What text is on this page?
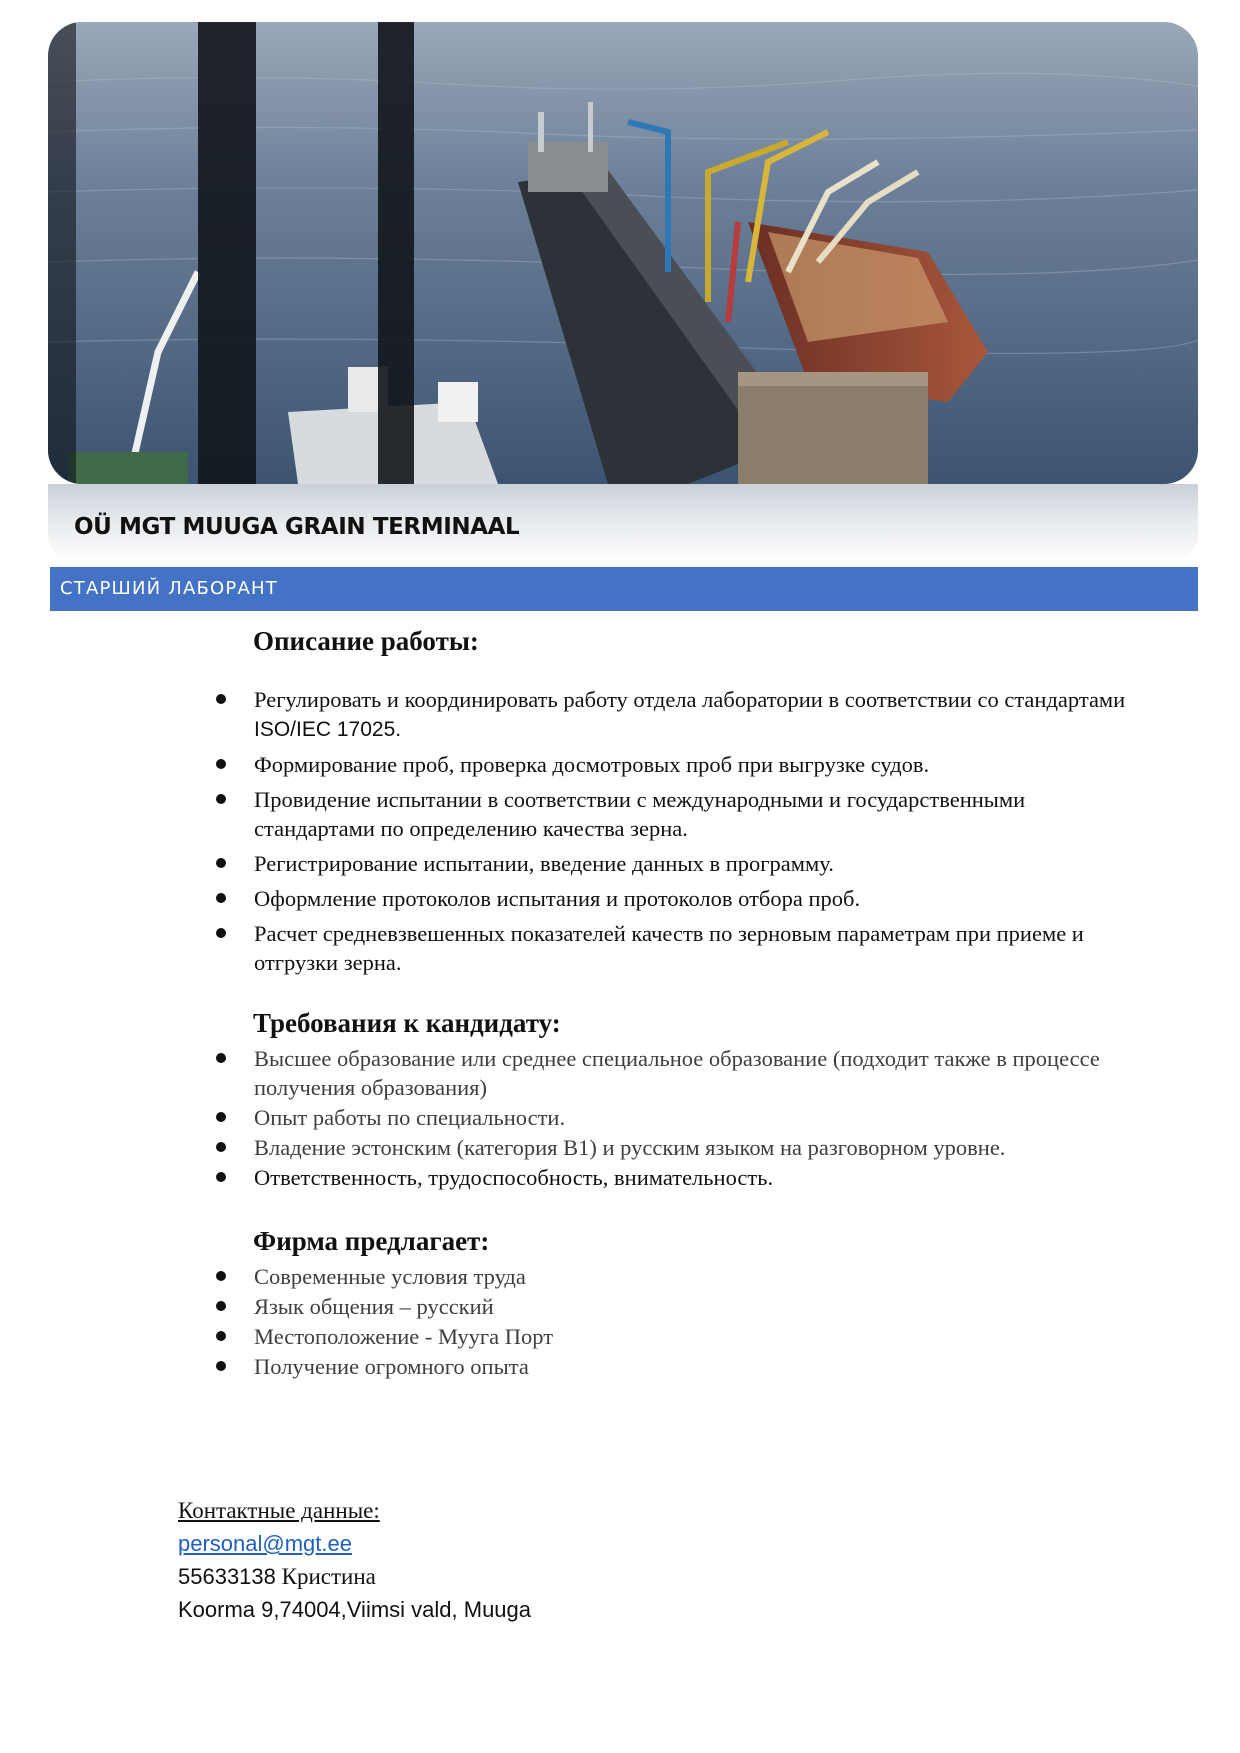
OÜ MGT MUUGA GRAIN TERMINAAL
СТАРШИЙ ЛАБОРАНТ
Описание работы:
Регулировать и координировать работу отдела лаборатории в соответствии со стандартами ISO/IEC 17025.
Формирование проб, проверка досмотровых проб при выгрузке судов.
Провидение испытании в соответствии с международными и государственными стандартами по определению качества зерна.
Регистрирование испытании, введение данных в программу.
Оформление протоколов испытания и протоколов отбора проб.
Расчет средневзвешенных показателей качеств по зерновым параметрам при приеме и отгрузки зерна.
Требования к кандидату:
Высшее образование или среднее специальное образование (подходит также в процессе получения образования)
Опыт работы по специальности.
Владение эстонским (категория В1) и русским языком на разговорном уровне.
Ответственность, трудоспособность, внимательность.
Фирма предлагает:
Современные условия труда
Язык общения – русский
Местоположение - Мууга Порт
Получение огромного опыта
Контактные данные:
personal@mgt.ee
55633138 Кристина
Koorma 9,74004,Viimsi vald, Muuga
